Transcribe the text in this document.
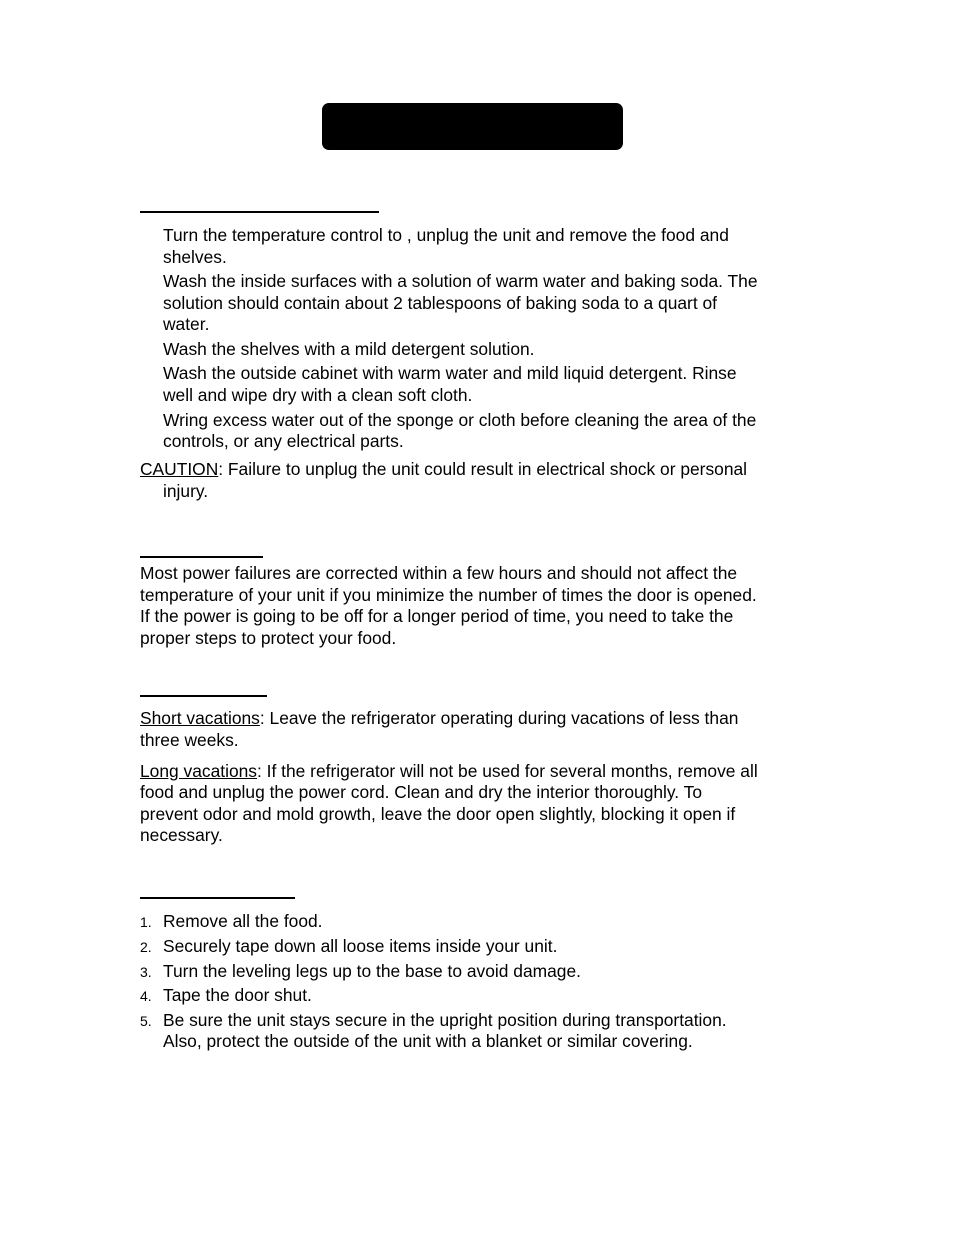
Turn the temperature control to , unplug the unit and remove the food and
shelves.
Wash the inside surfaces with a solution of warm water and baking soda. The
solution should contain about 2 tablespoons of baking soda to a quart of
water.
Wash the shelves with a mild detergent solution.
Wash the outside cabinet with warm water and mild liquid detergent. Rinse
well and wipe dry with a clean soft cloth.
Wring excess water out of the sponge or cloth before cleaning the area of the
controls, or any electrical parts.
CAUTION: Failure to unplug the unit could result in electrical shock or personal
injury.
Most power failures are corrected within a few hours and should not affect the
temperature of your unit if you minimize the number of times the door is opened.
If the power is going to be off for a longer period of time, you need to take the
proper steps to protect your food.
Short vacations: Leave the refrigerator operating during vacations of less than
three weeks.
Long vacations: If the refrigerator will not be used for several months, remove all
food and unplug the power cord. Clean and dry the interior thoroughly. To
prevent odor and mold growth, leave the door open slightly, blocking it open if
necessary.
1. Remove all the food.
2. Securely tape down all loose items inside your unit.
3. Turn the leveling legs up to the base to avoid damage.
4. Tape the door shut.
5. Be sure the unit stays secure in the upright position during transportation.
Also, protect the outside of the unit with a blanket or similar covering.
